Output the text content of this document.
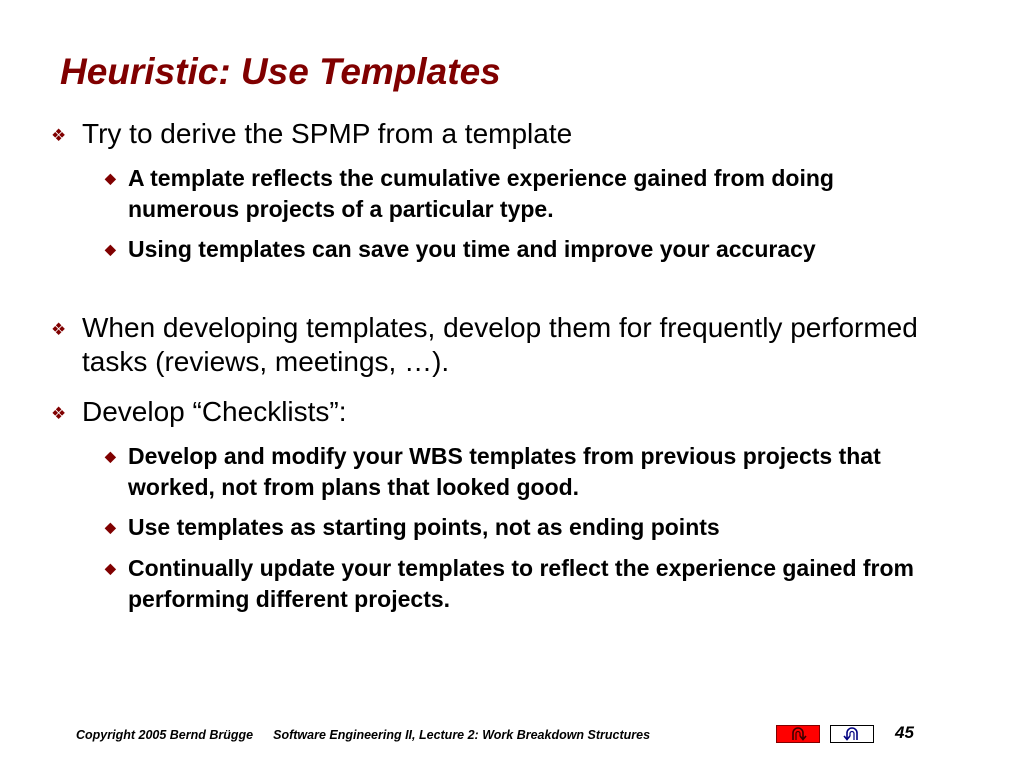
Heuristic: Use Templates
❖ Try to derive the SPMP from a template
◆ A template reflects the cumulative experience gained from doing numerous projects of a particular type.
◆ Using templates can save you time and improve your accuracy
❖ When developing templates, develop them for frequently performed tasks (reviews, meetings, …).
❖ Develop “Checklists”:
◆ Develop and modify your WBS templates from previous projects that worked, not from plans that looked good.
◆ Use templates as starting points, not as ending points
◆ Continually update your templates to reflect the experience gained from performing different projects.
Copyright 2005 Bernd Brügge Software Engineering II, Lecture 2: Work Breakdown Structures	45
